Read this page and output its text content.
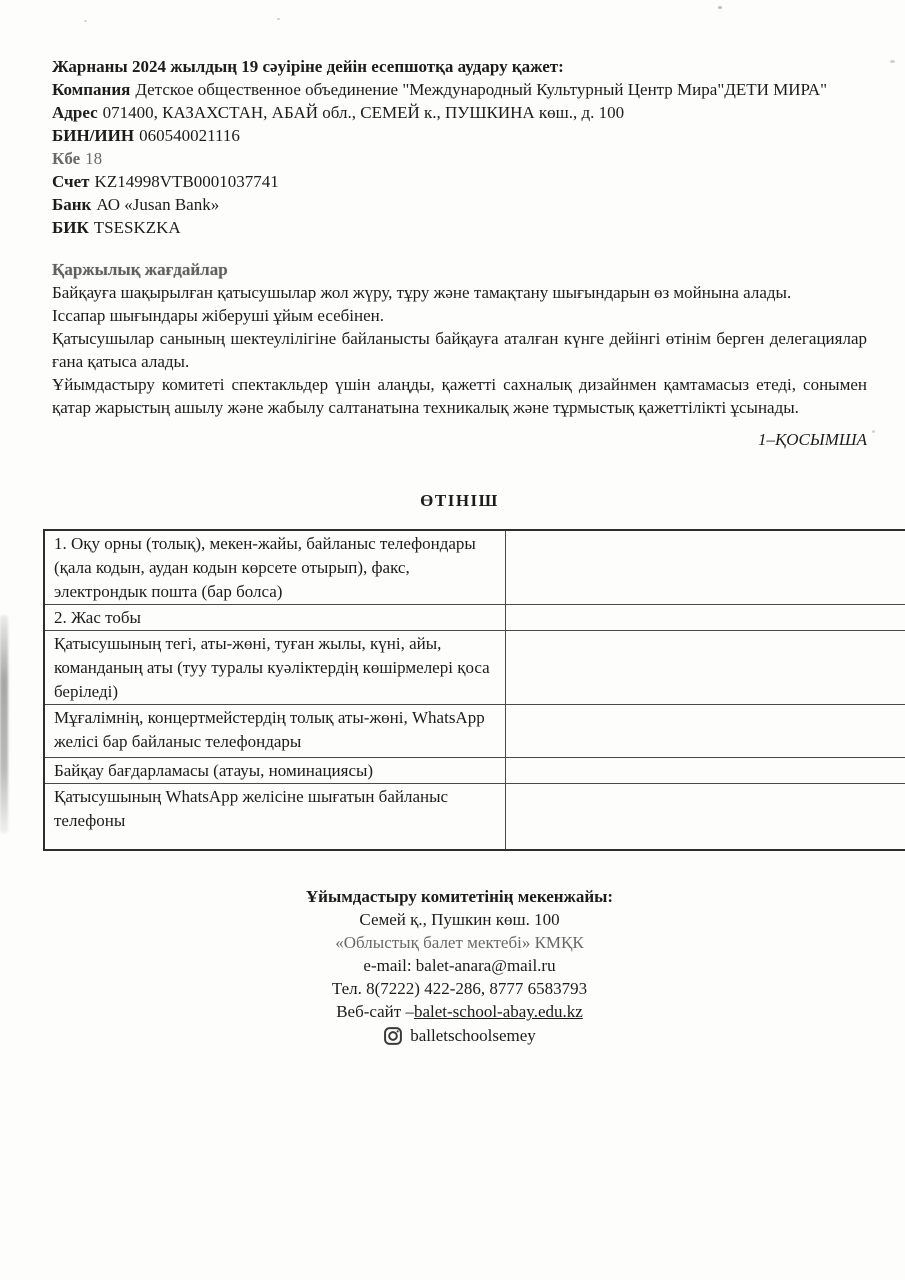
Жарнаны 2024 жылдың 19 сәуіріне дейін есепшотқа аудару қажет:

Компания Детское общественное объединение "Международный Культурный Центр Мира"ДЕТИ МИРА"

Адрес 071400, КАЗАХСТАН, АБАЙ обл., СЕМЕЙ к., ПУШКИНА көш., д. 100

БИН/ИИН 060540021116

Кбе 18

Счет KZ14998VTB0001037741

Банк АО «Jusan Bank»

БИК TSESKZKA

Қаржылық жағдайлар

Байқауға шақырылған қатысушылар жол жүру, тұру және тамақтану шығындарын өз мойнына алады.

Іссапар шығындары жіберуші ұйым есебінен.

Қатысушылар санының шектеулілігіне байланысты байқауға аталған күнге дейінгі өтінім берген делегациялар ғана қатыса алады.

Ұйымдастыру комитеті спектакльдер үшін алаңды, қажетті сахналық дизайнмен қамтамасыз етеді, сонымен қатар жарыстың ашылу және жабылу салтанатына техникалық және тұрмыстық қажеттілікті ұсынады.

1–ҚОСЫМША
ӨТІНІШ
1. Оқу орны (толық), мекен-жайы, байланыс телефондары (қала кодын, аудан кодын көрсете отырып), факс, электрондык пошта (бар болса)	
2. Жас тобы	
Қатысушының тегі, аты-жөні, туған жылы, күні, айы, команданың аты (туу туралы куәліктердің көшірмелері қоса беріледі)	
Мұғалімнің, концертмейстердің толық аты-жөні, WhatsApp желісі бар байланыс телефондары	
Байқау бағдарламасы (атауы, номинациясы)	
Қатысушының WhatsApp желісіне шығатын байланыс телефоны	

Ұйымдастыру комитетінің мекенжайы:

Семей қ., Пушкин көш. 100

«Облыстық балет мектебі» КМҚК

e-mail: balet-anara@mail.ru

Тел. 8(7222) 422-286, 8777 6583793

Веб-сайт –balet-school-abay.edu.kz

balletschoolsemey
